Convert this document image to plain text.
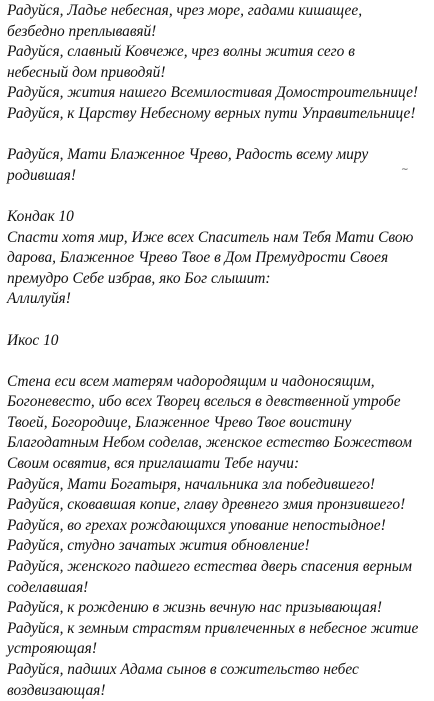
Радуйся, Ладье небесная, чрез море, гадами кишащее,
безбедно преплывавяй!
Радуйся, славный Ковчеже, чрез волны жития сего в
небесный дом приводяй!
Радуйся, жития нашего Всемилостивая Домостроительнице!
Радуйся, к Царству Небесному верных пути Управительнице!
Радуйся, Мати Блаженное Чрево, Радость всему миру
родившая!
Кондак 10
Спасти хотя мир, Иже всех Спаситель нам Тебя Мати Свою
дарова, Блаженное Чрево Твое в Дом Премудрости Своея
премудро Себе избрав, яко Бог слышит:
Аллилуйя!
Икос 10
Стена еси всем матерям чадородящим и чадоносящим,
Богоневесто, ибо всех Творец вселься в девственной утробе
Твоей, Богородице, Блаженное Чрево Твое воистину
Благодатным Небом соделав, женское естество Божеством
Своим освятив, вся приглашати Тебе научи:
Радуйся, Мати Богатыря, начальника зла победившего!
Радуйся, сковавшая копие, главу древнего змия пронзившего!
Радуйся, во грехах рождающихся упование непостыдное!
Радуйся, студно зачатых жития обновление!
Радуйся, женского падшего естества дверь спасения верным
соделавшая!
Радуйся, к рождению в жизнь вечную нас призывающая!
Радуйся, к земным страстям привлеченных в небесное житие
устрояющая!
Радуйся, падших Адама сынов в сожительство небес
воздвизающая!
~
